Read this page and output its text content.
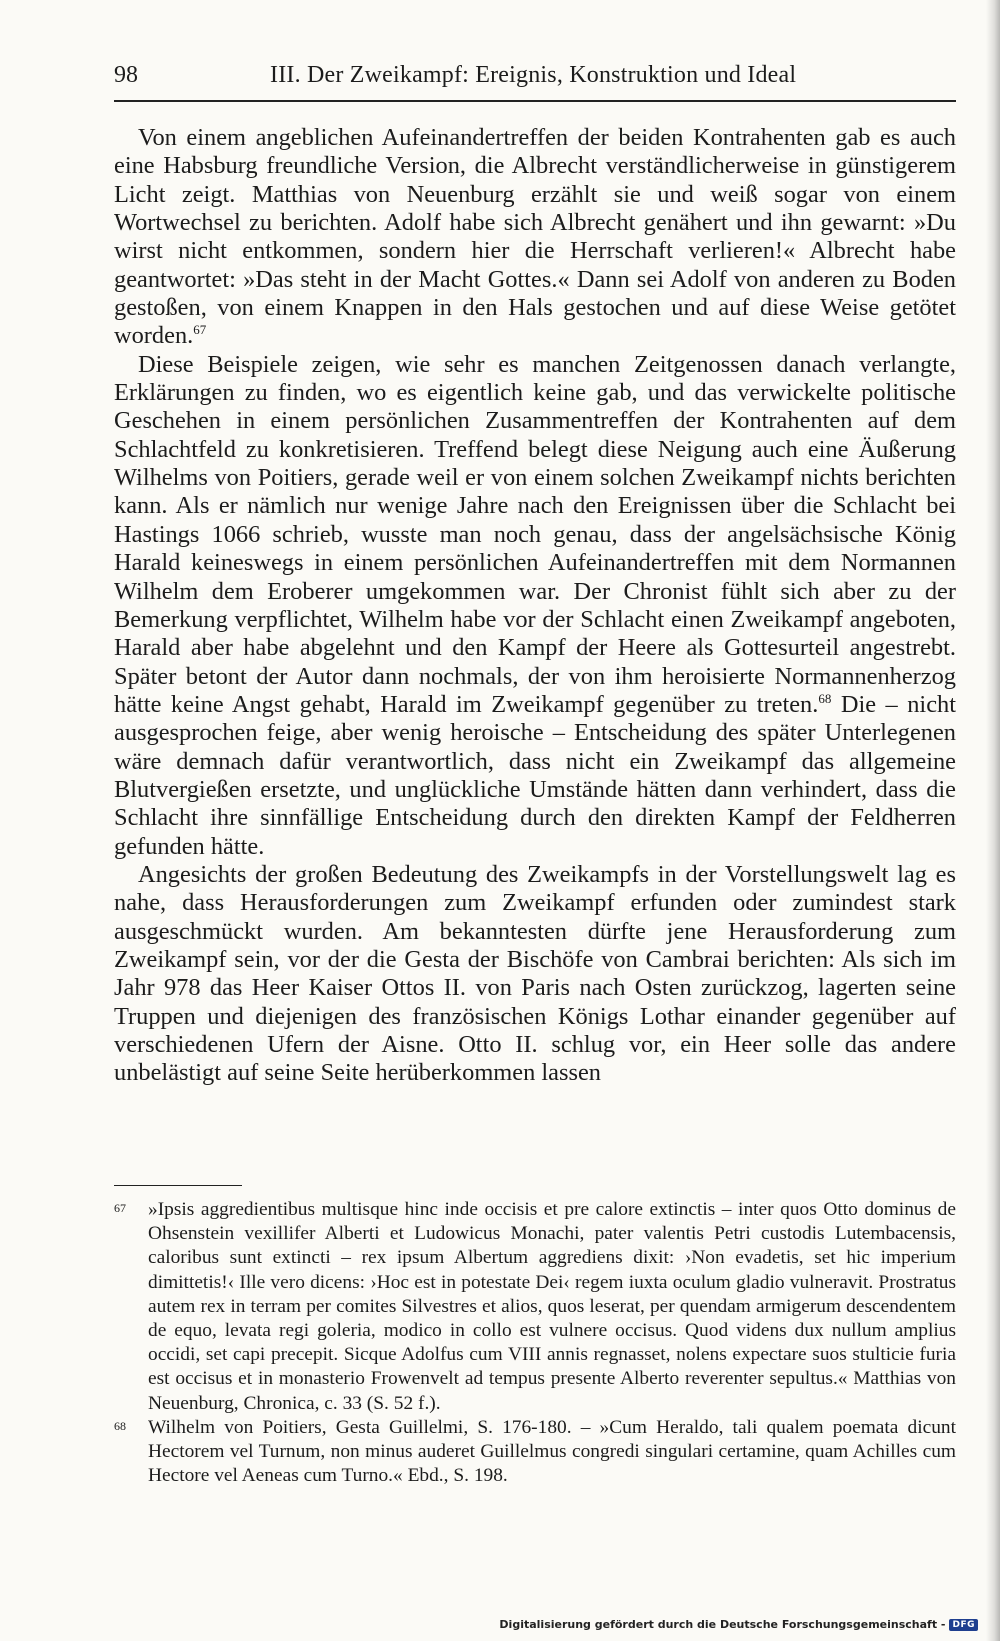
98	III. Der Zweikampf: Ereignis, Konstruktion und Ideal

Von einem angeblichen Aufeinandertreffen der beiden Kontrahenten gab es auch eine Habsburg freundliche Version, die Albrecht verständlicherweise in günstigerem Licht zeigt. Matthias von Neuenburg erzählt sie und weiß sogar von einem Wortwechsel zu berichten. Adolf habe sich Albrecht genähert und ihn gewarnt: »Du wirst nicht entkommen, sondern hier die Herrschaft verlieren!« Albrecht habe geantwortet: »Das steht in der Macht Gottes.« Dann sei Adolf von anderen zu Boden gestoßen, von einem Knappen in den Hals gestochen und auf diese Weise getötet worden.$^{67}$

Diese Beispiele zeigen, wie sehr es manchen Zeitgenossen danach verlangte, Erklärungen zu finden, wo es eigentlich keine gab, und das verwickelte politische Geschehen in einem persönlichen Zusammentreffen der Kontrahenten auf dem Schlachtfeld zu konkretisieren. Treffend belegt diese Neigung auch eine Äußerung Wilhelms von Poitiers, gerade weil er von einem solchen Zweikampf nichts berichten kann. Als er nämlich nur wenige Jahre nach den Ereignissen über die Schlacht bei Hastings 1066 schrieb, wusste man noch genau, dass der angelsächsische König Harald keineswegs in einem persönlichen Aufeinandertreffen mit dem Normannen Wilhelm dem Eroberer umgekommen war. Der Chronist fühlt sich aber zu der Bemerkung verpflichtet, Wilhelm habe vor der Schlacht einen Zweikampf angeboten, Harald aber habe abgelehnt und den Kampf der Heere als Gottesurteil angestrebt. Später betont der Autor dann nochmals, der von ihm heroisierte Normannenherzog hätte keine Angst gehabt, Harald im Zweikampf gegenüber zu treten.$^{68}$ Die – nicht ausgesprochen feige, aber wenig heroische – Entscheidung des später Unterlegenen wäre demnach dafür verantwortlich, dass nicht ein Zweikampf das allgemeine Blutvergießen ersetzte, und unglückliche Umstände hätten dann verhindert, dass die Schlacht ihre sinnfällige Entscheidung durch den direkten Kampf der Feldherren gefunden hätte.

Angesichts der großen Bedeutung des Zweikampfs in der Vorstellungswelt lag es nahe, dass Herausforderungen zum Zweikampf erfunden oder zumindest stark ausgeschmückt wurden. Am bekanntesten dürfte jene Herausforderung zum Zweikampf sein, vor der die Gesta der Bischöfe von Cambrai berichten: Als sich im Jahr 978 das Heer Kaiser Ottos II. von Paris nach Osten zurückzog, lagerten seine Truppen und diejenigen des französischen Königs Lothar einander gegenüber auf verschiedenen Ufern der Aisne. Otto II. schlug vor, ein Heer solle das andere unbelästigt auf seine Seite herüberkommen lassen

67 »Ipsis aggredientibus multisque hinc inde occisis et pre calore extinctis – inter quos Otto dominus de Ohsenstein vexillifer Alberti et Ludowicus Monachi, pater valentis Petri custodis Lutembacensis, caloribus sunt extincti – rex ipsum Albertum aggrediens dixit: ›Non evadetis, set hic imperium dimittetis!‹ Ille vero dicens: ›Hoc est in potestate Dei‹ regem iuxta oculum gladio vulneravit. Prostratus autem rex in terram per comites Silvestres et alios, quos leserat, per quendam armigerum descendentem de equo, levata regi goleria, modico in collo est vulnere occisus. Quod videns dux nullum amplius occidi, set capi precepit. Sicque Adolfus cum VIII annis regnasset, nolens expectare suos stulticie furia est occisus et in monasterio Frowenvelt ad tempus presente Alberto reverenter sepultus.« Matthias von Neuenburg, Chronica, c. 33 (S. 52 f.).
68 Wilhelm von Poitiers, Gesta Guillelmi, S. 176-180. – »Cum Heraldo, tali qualem poemata dicunt Hectorem vel Turnum, non minus auderet Guillelmus congredi singulari certamine, quam Achilles cum Hectore vel Aeneas cum Turno.« Ebd., S. 198.
Digitalisierung gefördert durch die Deutsche Forschungsgemeinschaft - DFG
